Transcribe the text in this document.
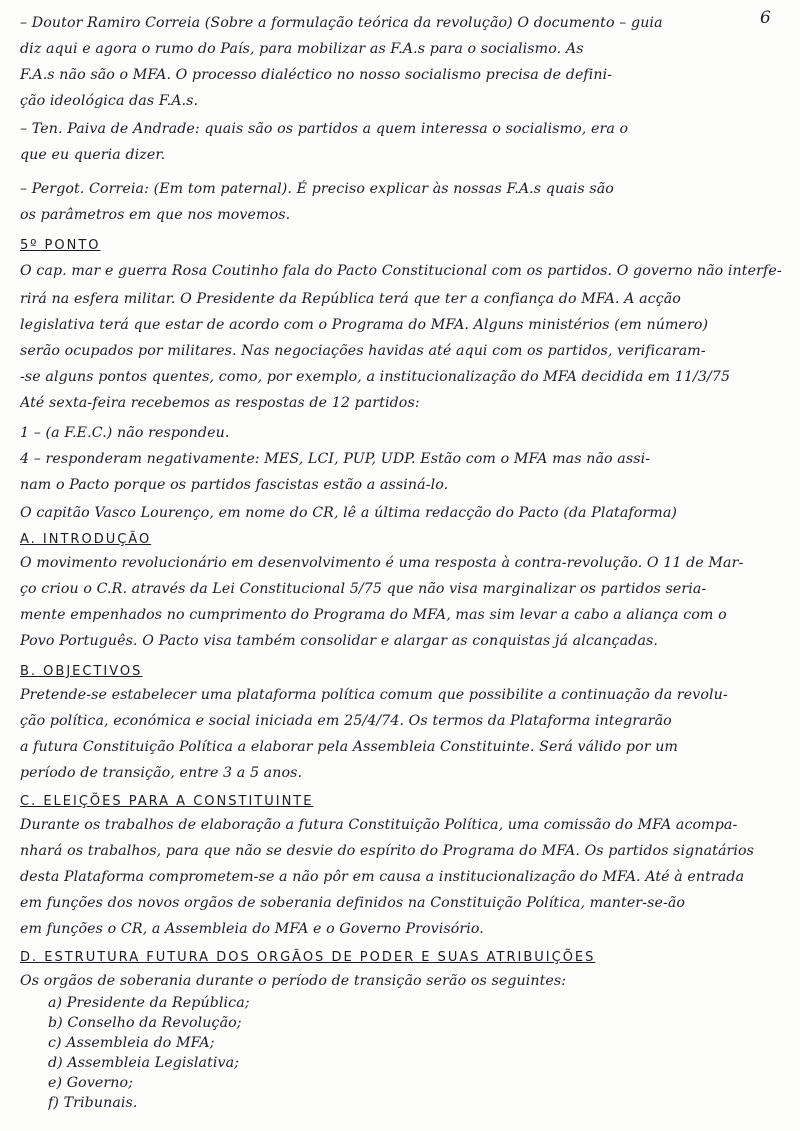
6
– Doutor Ramiro Correia (Sobre a formulação teórica da revolução) O documento – guia
diz aqui e agora o rumo do País, para mobilizar as F.A.s para o socialismo. As
F.A.s não são o MFA. O processo dialéctico no nosso socialismo precisa de defini-
ção ideológica das F.A.s.
– Ten. Paiva de Andrade: quais são os partidos a quem interessa o socialismo, era o
que eu queria dizer.
– Pergot. Correia: (Em tom paternal). É preciso explicar às nossas F.A.s quais são
os parâmetros em que nos movemos.
5º PONTO
O cap. mar e guerra Rosa Coutinho fala do Pacto Constitucional com os partidos. O governo não interfe-
rirá na esfera militar. O Presidente da República terá que ter a confiança do MFA. A acção
legislativa terá que estar de acordo com o Programa do MFA. Alguns ministérios (em número)
serão ocupados por militares. Nas negociações havidas até aqui com os partidos, verificaram-
-se alguns pontos quentes, como, por exemplo, a institucionalização do MFA decidida em 11/3/75
Até sexta-feira recebemos as respostas de 12 partidos:
1 – (a F.E.C.) não respondeu.
4 – responderam negativamente: MES, LCI, PUP, UDP. Estão com o MFA mas não assi-
nam o Pacto porque os partidos fascistas estão a assiná-lo.
O capitão Vasco Lourenço, em nome do CR, lê a última redacção do Pacto (da Plataforma)
A. INTRODUÇÃO
O movimento revolucionário em desenvolvimento é uma resposta à contra-revolução. O 11 de Mar-
ço criou o C.R. através da Lei Constitucional 5/75 que não visa marginalizar os partidos seria-
mente empenhados no cumprimento do Programa do MFA, mas sim levar a cabo a aliança com o
Povo Português. O Pacto visa também consolidar e alargar as conquistas já alcançadas.
B. OBJECTIVOS
Pretende-se estabelecer uma plataforma política comum que possibilite a continuação da revolu-
ção política, económica e social iniciada em 25/4/74. Os termos da Plataforma integrarão
a futura Constituição Política a elaborar pela Assembleia Constituinte. Será válido por um
período de transição, entre 3 a 5 anos.
C. ELEIÇÕES PARA A CONSTITUINTE
Durante os trabalhos de elaboração a futura Constituição Política, uma comissão do MFA acompa-
nhará os trabalhos, para que não se desvie do espírito do Programa do MFA. Os partidos signatários
desta Plataforma comprometem-se a não pôr em causa a institucionalização do MFA. Até à entrada
em funções dos novos orgãos de soberania definidos na Constituição Política, manter-se-ão
em funções o CR, a Assembleia do MFA e o Governo Provisório.
D. ESTRUTURA FUTURA DOS ORGÃOS DE PODER E SUAS ATRIBUIÇÕES
Os orgãos de soberania durante o período de transição serão os seguintes:
a) Presidente da República;
b) Conselho da Revolução;
c) Assembleia do MFA;
d) Assembleia Legislativa;
e) Governo;
f) Tribunais.
